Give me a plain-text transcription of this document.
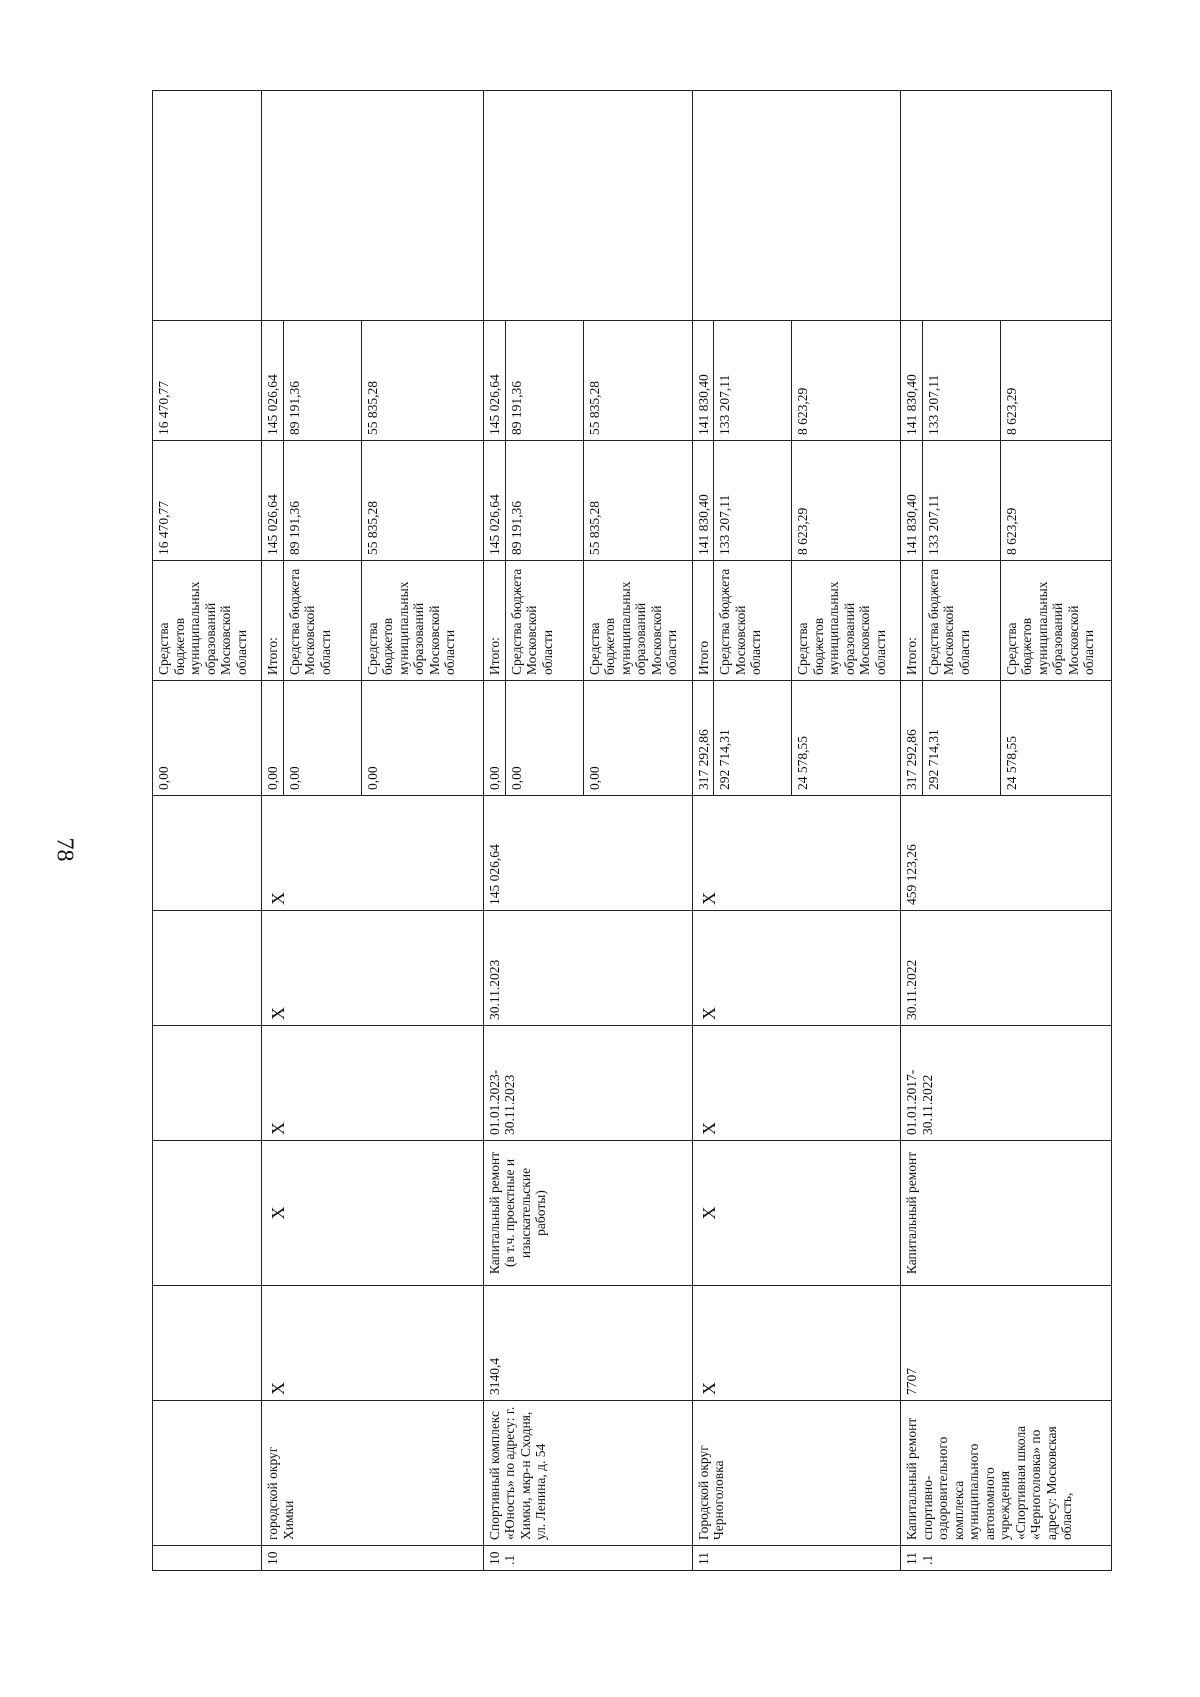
78
							0,00	Средства бюджетов муниципальных образований Московской области	16 470,77	16 470,77	
10	городской округ Химки	X	X	X	X	X	0,00	Итого:	145 026,64	145 026,64	
							0,00	Средства бюджета Московской области	89 191,36	89 191,36	
							0,00	Средства бюджетов муниципальных образований Московской области	55 835,28	55 835,28	
10.1	Спортивный комплекс «Юность» по адресу: г. Химки, мкр-н Сходня, ул. Ленина, д. 54	3140,4	Капитальный ремонт (в т.ч. проектные и изыскательские работы)	01.01.2023-30.11.2023	30.11.2023	145 026,64	0,00	Итого:	145 026,64	145 026,64	
							0,00	Средства бюджета Московской области	89 191,36	89 191,36	
							0,00	Средства бюджетов муниципальных образований Московской области	55 835,28	55 835,28	
11	Городской округ Черноголовка	X	X	X	X	X	317 292,86	Итого	141 830,40	141 830,40	
							292 714,31	Средства бюджета Московской области	133 207,11	133 207,11	
							24 578,55	Средства бюджетов муниципальных образований Московской области	8 623,29	8 623,29	
11.1	Капитальный ремонт спортивно-оздоровительного комплекса муниципального автономного учреждения «Спортивная школа «Черноголовка» по адресу: Московская область,	7707	Капитальный ремонт	01.01.2017-30.11.2022	30.11.2022	459 123,26	317 292,86	Итого:	141 830,40	141 830,40	
							292 714,31	Средства бюджета Московской области	133 207,11	133 207,11	
							24 578,55	Средства бюджетов муниципальных образований Московской области	8 623,29	8 623,29	
